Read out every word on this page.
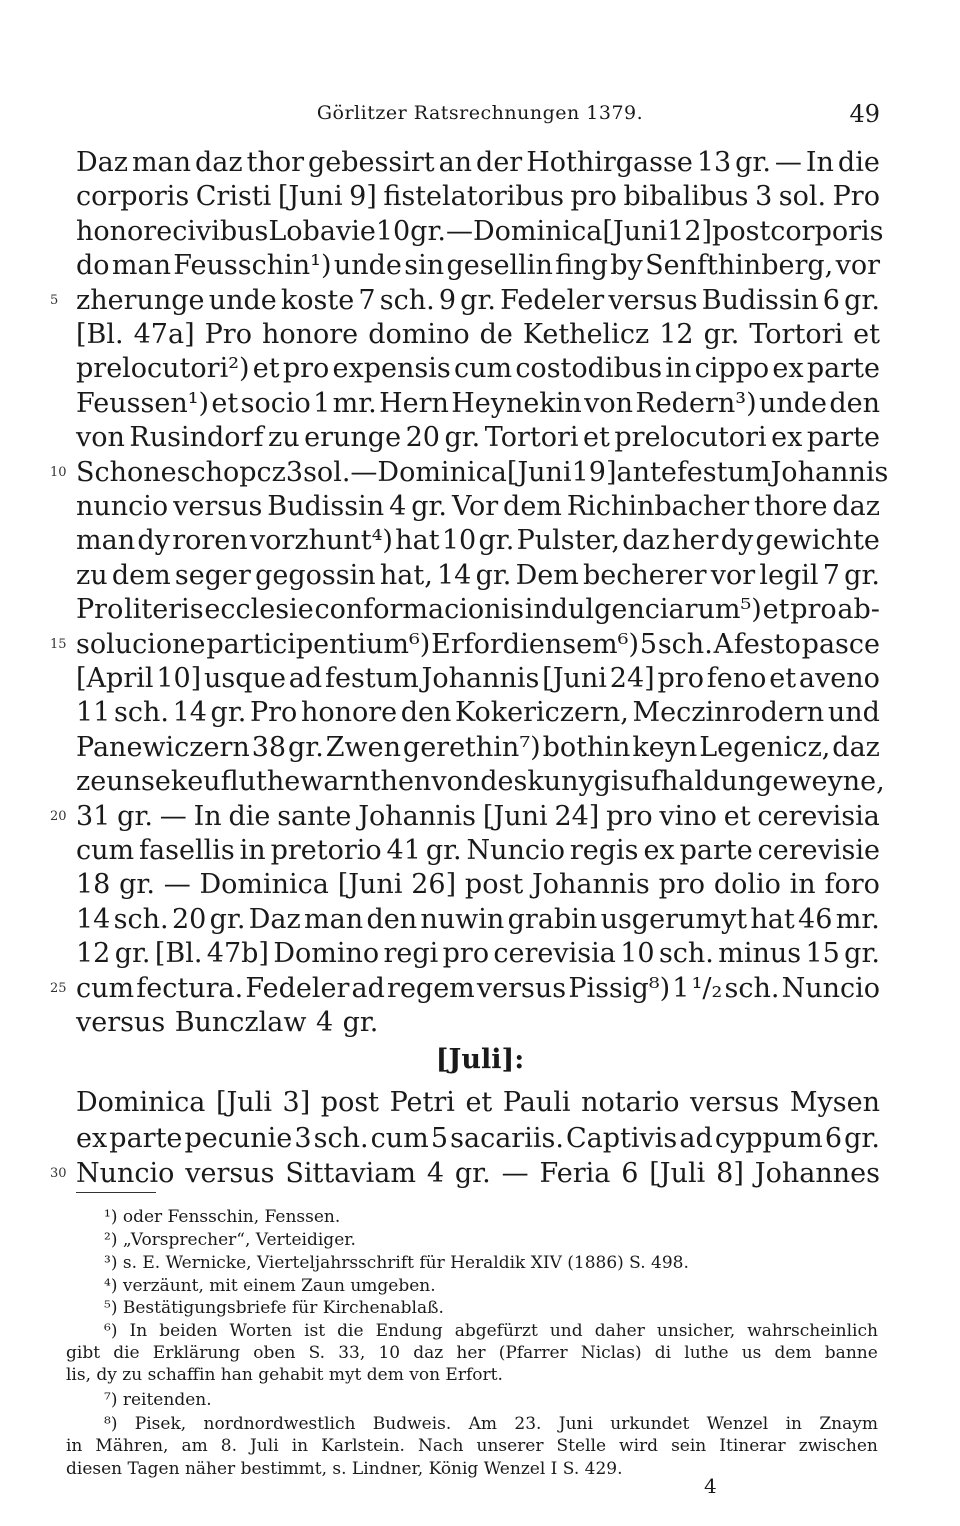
Görlitzer Ratsrechnungen 1379.	49
Daz man daz thor gebessirt an der Hothirgasse 13 gr. — In die
corporis Cristi [Juni 9] fistelatoribus pro bibalibus 3 sol. Pro
honore civibus Lobavie 10 gr. — Dominica [Juni 12] post corporis
do man Feusschin¹) unde sin gesellin fing by Senfthinberg, vor
zherunge unde koste 7 sch. 9 gr. Fedeler versus Budissin 6 gr.
[Bl. 47a] Pro honore domino de Kethelicz 12 gr. Tortori et
prelocutori²) et pro expensis cum costodibus in cippo ex parte
Feussen¹) et socio 1 mr. Hern Heynekin von Redern³) unde den
von Rusindorf zu erunge 20 gr. Tortori et prelocutori ex parte
Schoneschopcz 3 sol. — Dominica [Juni 19] ante festum Johannis
nuncio versus Budissin 4 gr. Vor dem Richinbacher thore daz
man dy roren vorzhunt⁴) hat 10 gr. Pulster, daz her dy gewichte
zu dem seger gegossin hat, 14 gr. Dem becherer vor legil 7 gr.
Pro literis ecclesie conformacionis indulgenciarum⁵) et pro ab-
solucione participentium⁶) Erfordiensem⁶) 5 sch. A festo pasce
[April 10] usque ad festum Johannis [Juni 24] pro feno et aveno
11 sch. 14 gr. Pro honore den Kokericzern, Meczinrodern und
Panewiczern 38 gr. Zwen gerethin⁷) bothin keyn Legenicz, daz
ze unse keufluthe warnthen von des kunygis ufhaldunge weyne,
31 gr. — In die sante Johannis [Juni 24] pro vino et cerevisia
cum fasellis in pretorio 41 gr. Nuncio regis ex parte cerevisie
18 gr. — Dominica [Juni 26] post Johannis pro dolio in foro
14 sch. 20 gr. Daz man den nuwin grabin usgerumyt hat 46 mr.
12 gr. [Bl. 47b] Domino regi pro cerevisia 10 sch. minus 15 gr.
cum fectura. Fedeler ad regem versus Pissig⁸) 1 ¹/₂ sch. Nuncio
versus Bunczlaw 4 gr.
5
10
15
20
25
30
[Juli]:
Dominica [Juli 3] post Petri et Pauli notario versus Mysen
ex parte pecunie 3 sch. cum 5 sacariis. Captivis ad cyppum 6 gr.
Nuncio versus Sittaviam 4 gr. — Feria 6 [Juli 8] Johannes
¹) oder Fensschin, Fenssen.
²) „Vorsprecher“, Verteidiger.
³) s. E. Wernicke, Vierteljahrsschrift für Heraldik XIV (1886) S. 498.
⁴) verzäunt, mit einem Zaun umgeben.
⁵) Bestätigungsbriefe für Kirchenablaß.
⁶) In beiden Worten ist die Endung abgefürzt und daher unsicher, wahrscheinlich
gibt die Erklärung oben S. 33, 10 daz her (Pfarrer Niclas) di luthe us dem banne
lis, dy zu schaffin han gehabit myt dem von Erfort.
⁷) reitenden.
⁸) Pisek, nordnordwestlich Budweis. Am 23. Juni urkundet Wenzel in Znaym
in Mähren, am 8. Juli in Karlstein. Nach unserer Stelle wird sein Itinerar zwischen
diesen Tagen näher bestimmt, s. Lindner, König Wenzel I S. 429.
4
